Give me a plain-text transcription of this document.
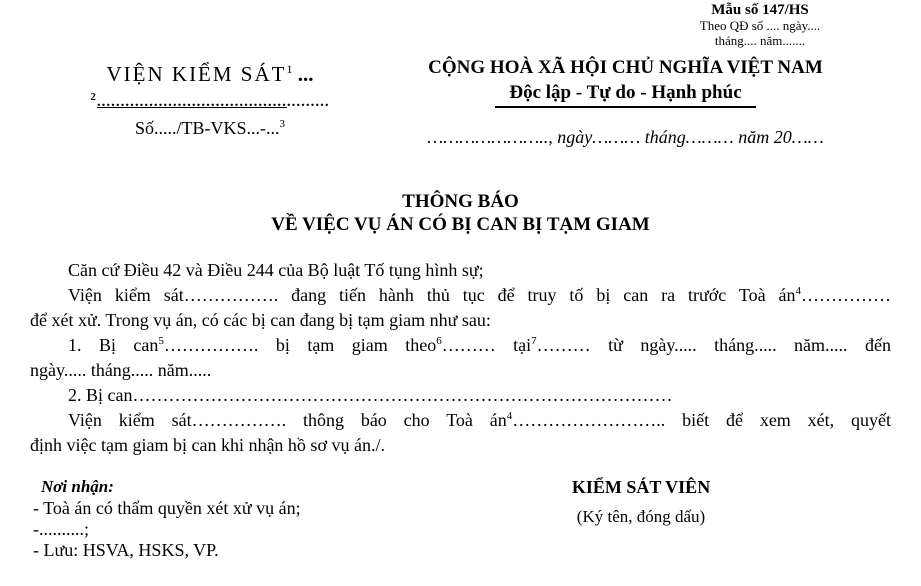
Mẫu số 147/HS
Theo QĐ số .... ngày....
tháng.... năm.......
VIỆN KIỂM SÁT$^1$ ...
$^2$.................................................
Số...../TB-VKS...-...$^3$
CỘNG HOÀ XÃ HỘI CHỦ NGHĨA VIỆT NAM
Độc lập - Tự do - Hạnh phúc
………………….., ngày……… tháng……… năm 20……
THÔNG BÁO
VỀ VIỆC VỤ ÁN CÓ BỊ CAN BỊ TẠM GIAM

Căn cứ Điều 42 và Điều 244 của Bộ luật Tố tụng hình sự;

Viện kiểm sát……………. đang tiến hành thủ tục để truy tố bị can ra trước Toà $án^4\dots\dots\dots\dots\dots$
để xét xử. Trong vụ án, có các bị can đang bị tạm giam như sau:

1. Bị can$^5$……………. bị tạm giam theo$^6$……… tại$^7$……… từ ngày..... tháng..... năm..... đến
ngày..... tháng..... năm.....

2. Bị can………………………………………………………………………………

Viện kiểm sát……………. thông báo cho Toà $án^4\dots\dots\dots\dots\dots\dots\dots\dots$.. biết để xem xét, quyết
định việc tạm giam bị can khi nhận hồ sơ vụ án./.

Nơi nhận:
- Toà án có thẩm quyền xét xử vụ án;
-..........;
- Lưu: HSVA, HSKS, VP.
KIỂM SÁT VIÊN
(Ký tên, đóng dấu)
